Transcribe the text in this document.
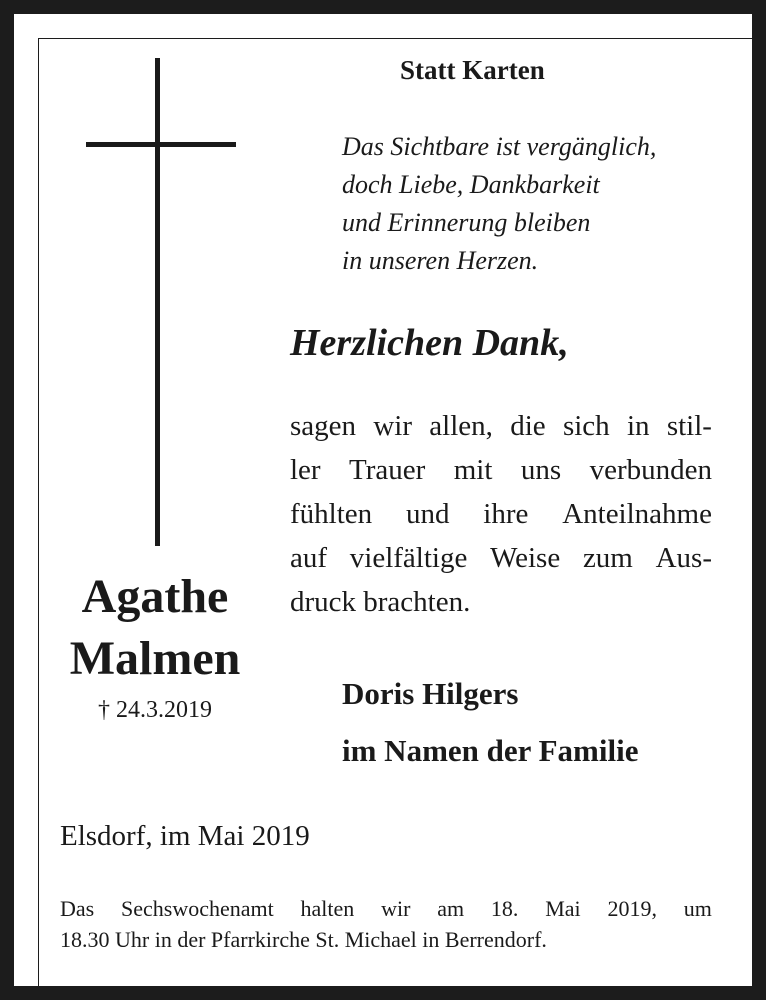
Statt Karten
Das Sichtbare ist vergänglich,
doch Liebe, Dankbarkeit
und Erinnerung bleiben
in unseren Herzen.
Herzlichen Dank,
sagen wir allen, die sich in stil-
ler Trauer mit uns verbunden
fühlten und ihre Anteilnahme
auf vielfältige Weise zum Aus-
druck brachten.
Agathe
Malmen
† 24.3.2019	Doris Hilgers
im Namen der Familie
Elsdorf, im Mai 2019
Das Sechswochenamt halten wir am 18. Mai 2019, um
18.30 Uhr in der Pfarrkirche St. Michael in Berrendorf.
